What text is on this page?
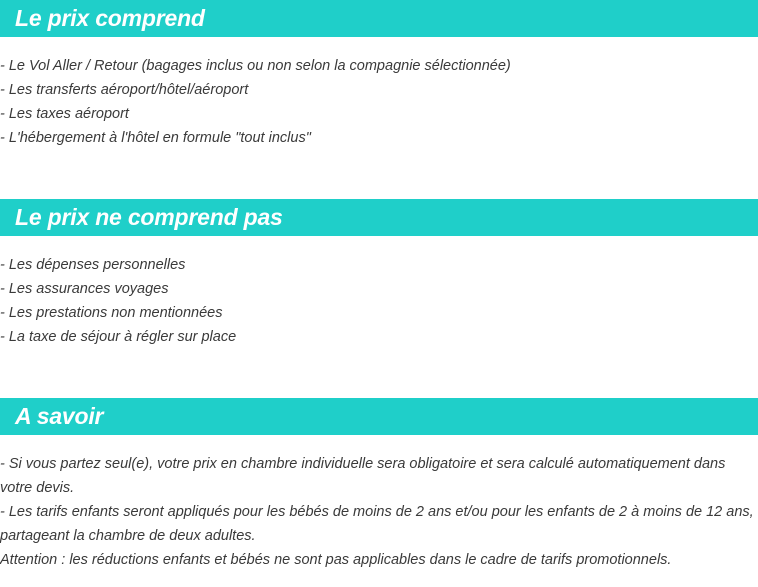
Le prix comprend
- Le Vol Aller / Retour (bagages inclus ou non selon la compagnie sélectionnée)
- Les transferts aéroport/hôtel/aéroport
- Les taxes aéroport
- L'hébergement à l'hôtel en formule "tout inclus"
Le prix ne comprend pas
- Les dépenses personnelles
- Les assurances voyages
- Les prestations non mentionnées
- La taxe de séjour à régler sur place
A savoir
- Si vous partez seul(e), votre prix en chambre individuelle sera obligatoire et sera calculé automatiquement dans votre devis.
- Les tarifs enfants seront appliqués pour les bébés de moins de 2 ans et/ou pour les enfants de 2 à moins de 12 ans, partageant la chambre de deux adultes.
Attention : les réductions enfants et bébés ne sont pas applicables dans le cadre de tarifs promotionnels.
